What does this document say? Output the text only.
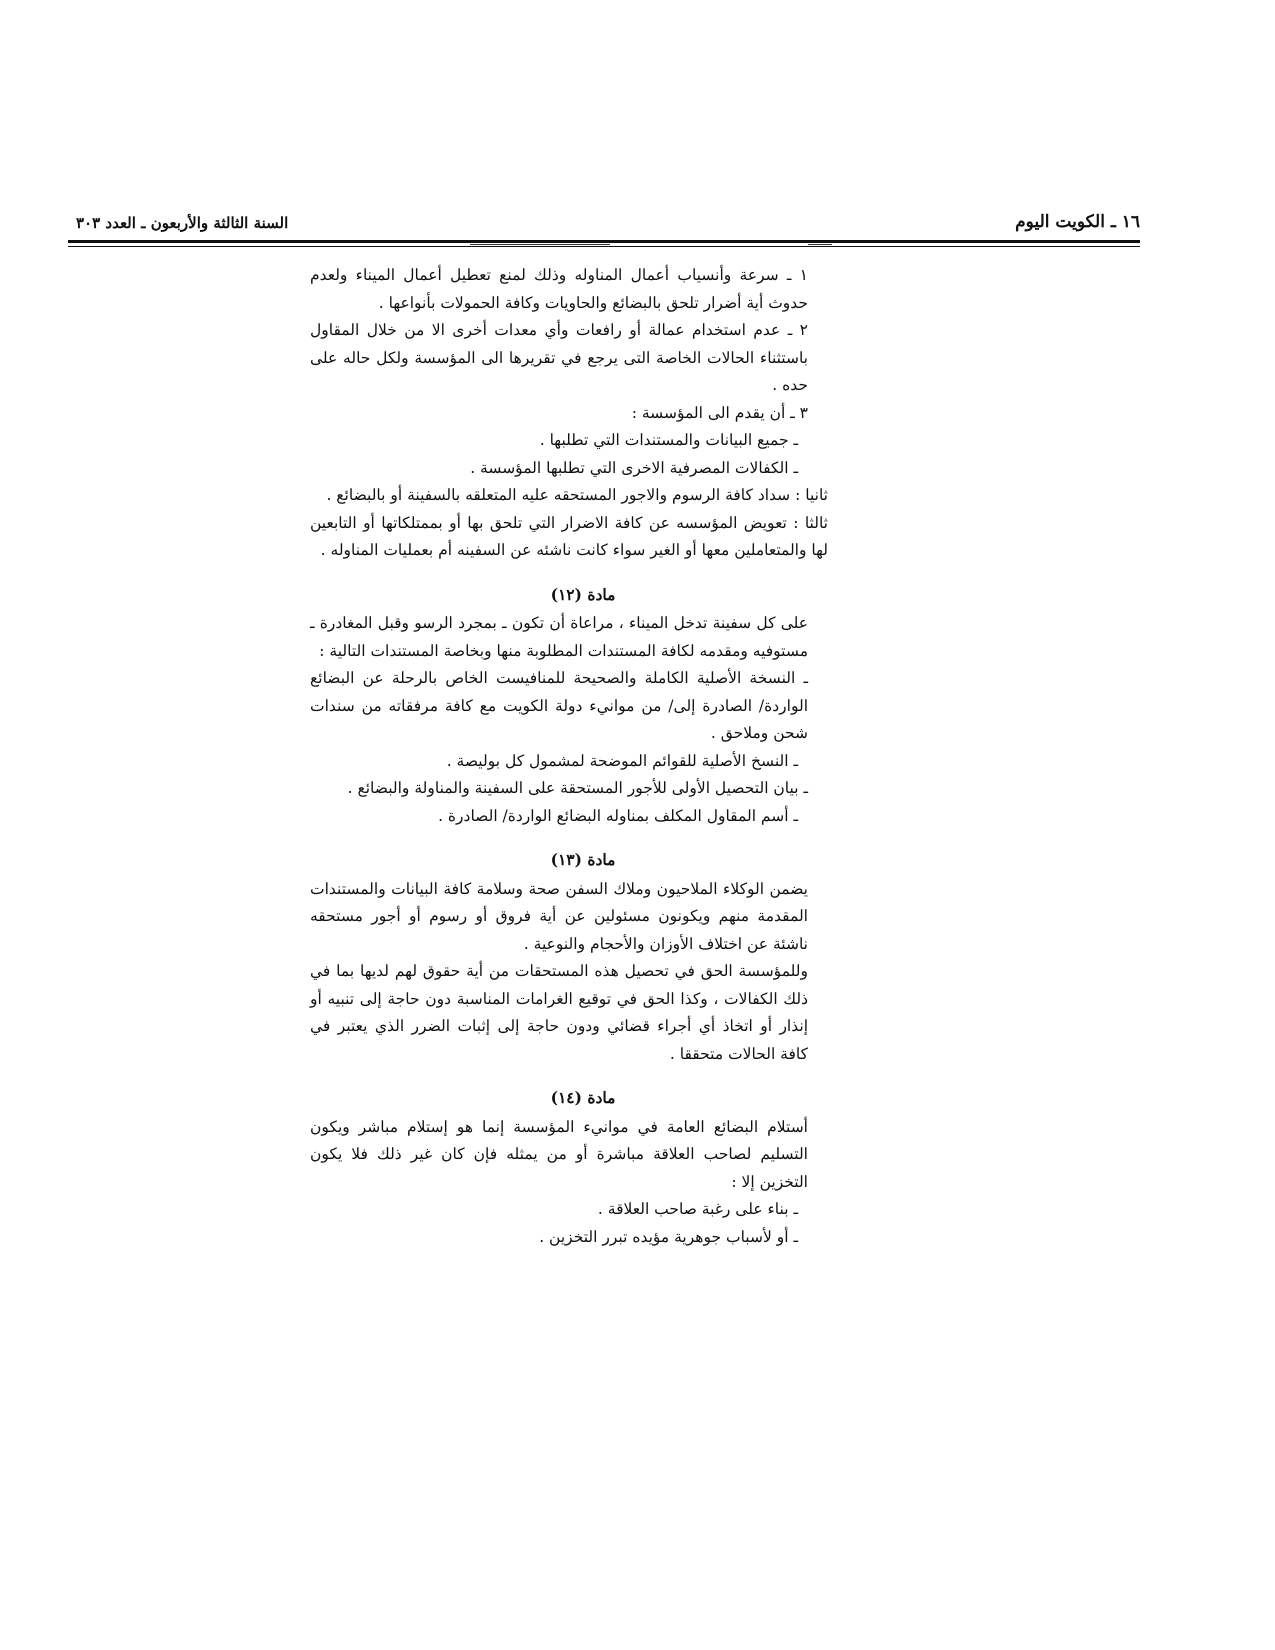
١٦ ـ الكويت اليوم
السنة الثالثة والأربعون ـ العدد ٣٠٣

١ ـ سرعة وأنسياب أعمال المناوله وذلك لمنع تعطيل أعمال الميناء ولعدم حدوث أية أضرار تلحق بالبضائع والحاويات وكافة الحمولات بأنواعها .

٢ ـ عدم استخدام عمالة أو رافعات وأي معدات أخرى الا من خلال المقاول باستثناء الحالات الخاصة التى يرجع في تقريرها الى المؤسسة ولكل حاله على حده .

٣ ـ أن يقدم الى المؤسسة :

ـ جميع البيانات والمستندات التي تطلبها .

ـ الكفالات المصرفية الاخرى التي تطلبها المؤسسة .

ثانيا : سداد كافة الرسوم والاجور المستحقه عليه المتعلقه بالسفينة أو بالبضائع .

ثالثا : تعويض المؤسسه عن كافة الاضرار التي تلحق بها أو بممتلكاتها أو التابعين لها والمتعاملين معها أو الغير سواء كانت ناشئه عن السفينه أم بعمليات المناوله .

مادة (١٢)

على كل سفينة تدخل الميناء ، مراعاة أن تكون ـ بمجرد الرسو وقبل المغادرة ـ مستوفيه ومقدمه لكافة المستندات المطلوبة منها وبخاصة المستندات التالية :

ـ النسخة الأصلية الكاملة والصحيحة للمنافيست الخاص بالرحلة عن البضائع الواردة/ الصادرة إلى/ من موانيء دولة الكويت مع كافة مرفقاته من سندات شحن وملاحق .

ـ النسخ الأصلية للقوائم الموضحة لمشمول كل بوليصة .

ـ بيان التحصيل الأولى للأجور المستحقة على السفينة والمناولة والبضائع .

ـ أسم المقاول المكلف بمناوله البضائع الواردة/ الصادرة .

مادة (١٣)

يضمن الوكلاء الملاحيون وملاك السفن صحة وسلامة كافة البيانات والمستندات المقدمة منهم ويكونون مسئولين عن أية فروق أو رسوم أو أجور مستحقه ناشئة عن اختلاف الأوزان والأحجام والنوعية .

وللمؤسسة الحق في تحصيل هذه المستحقات من أية حقوق لهم لديها بما في ذلك الكفالات ، وكذا الحق في توقيع الغرامات المناسبة دون حاجة إلى تنبيه أو إنذار أو اتخاذ أي أجراء قضائي ودون حاجة إلى إثبات الضرر الذي يعتبر في كافة الحالات متحققا .

مادة (١٤)

أستلام البضائع العامة في موانيء المؤسسة إنما هو إستلام مباشر ويكون التسليم لصاحب العلاقة مباشرة أو من يمثله فإن كان غير ذلك فلا يكون التخزين إلا :

ـ بناء على رغبة صاحب العلاقة .

ـ أو لأسباب جوهرية مؤيده تبرر التخزين .
